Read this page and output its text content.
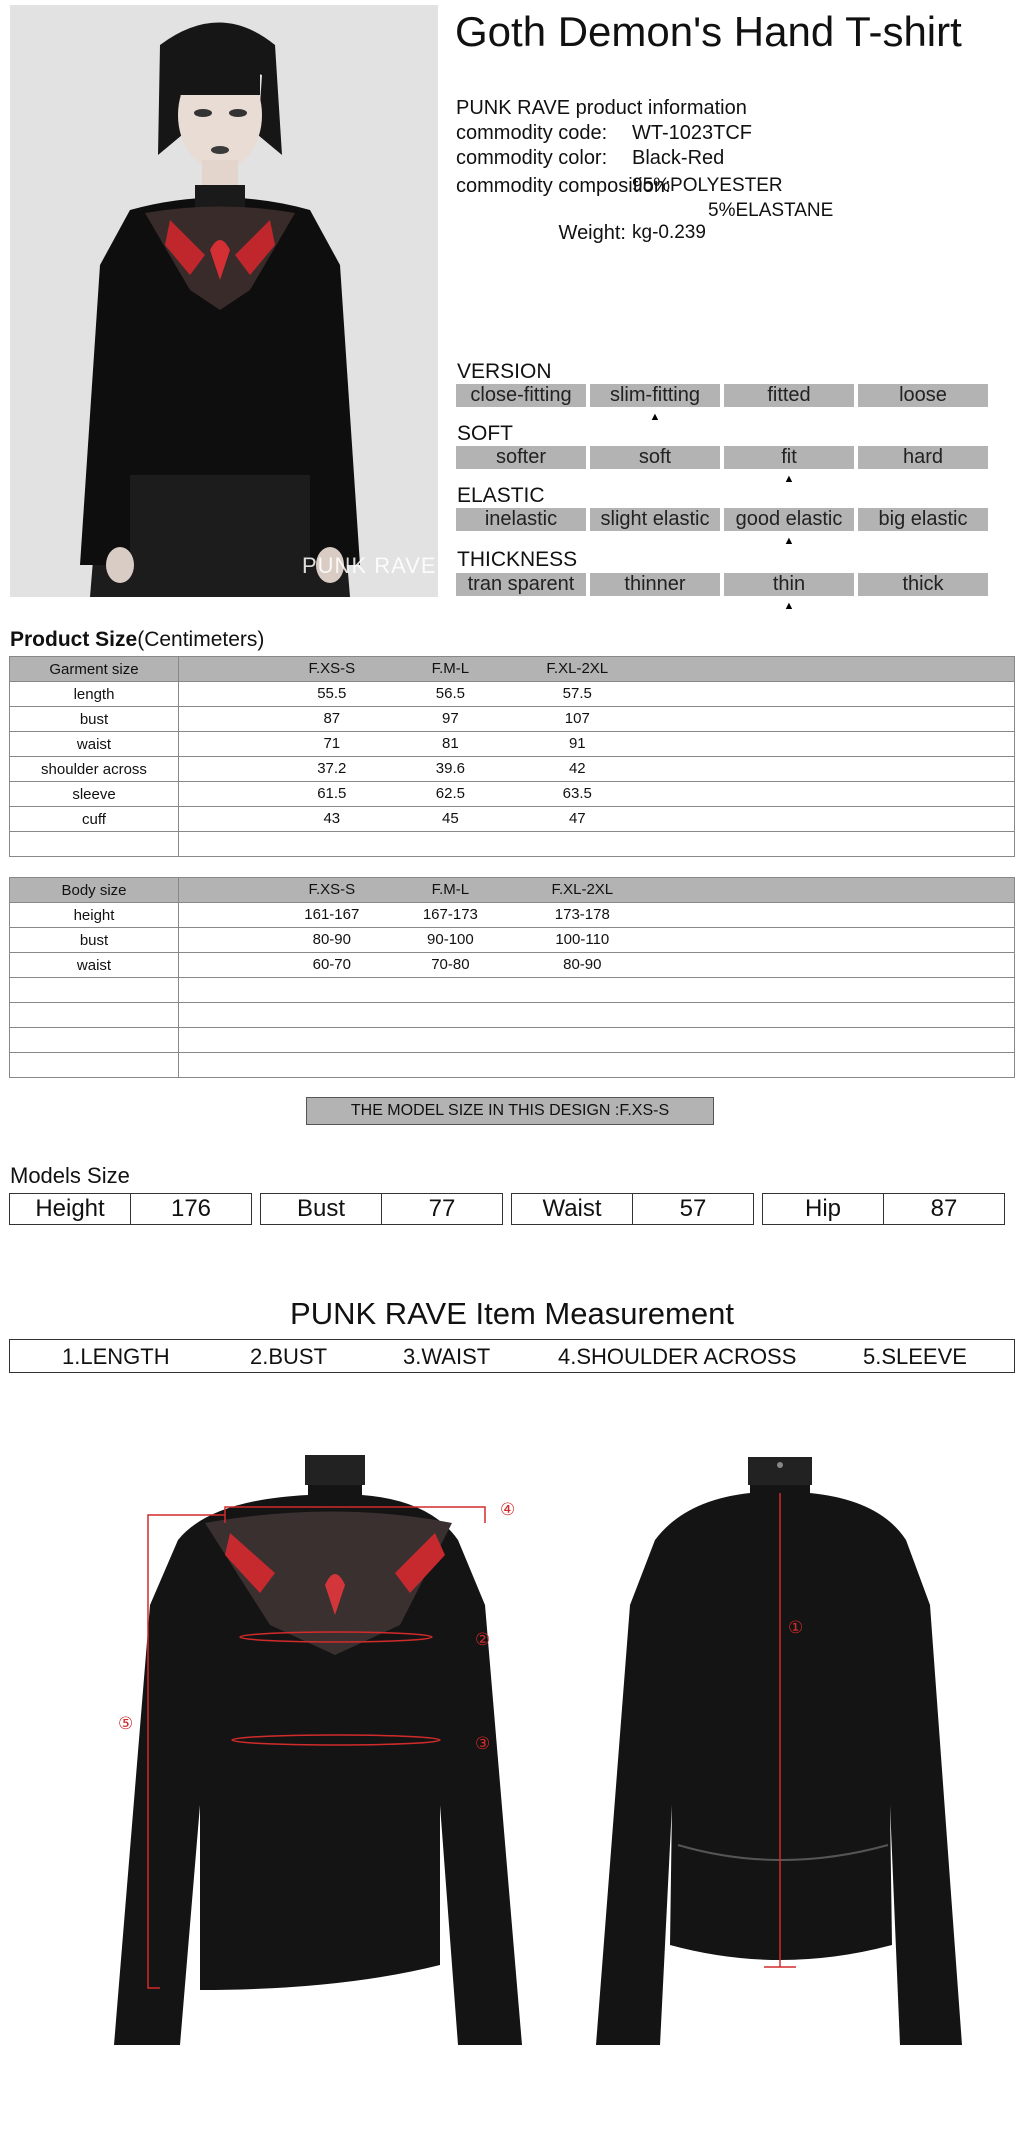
PUNK RAVE
Goth Demon's Hand T-shirt
PUNK RAVE product information
commodity code: WT-1023TCF
commodity color: Black-Red
commodity composition:
95%POLYESTER
5%ELASTANE
Weight: kg-0.239
VERSION
close-fitting	slim-fitting
▲
fitted	loose
SOFT
softer	soft	fit
▲
hard
ELASTIC
inelastic	slight elastic	good elastic
▲
big elastic
THICKNESS
tran sparent	thinner	thin
▲
thick
Product Size(Centimeters)
Garment size	F.XS-S F.M-L F.XL-2XL

length	55.5 56.5 57.5

bust	87 97 107

waist	71 81 91

shoulder across	37.2 39.6 42

sleeve	61.5 62.5 63.5

cuff	43 45 47

Body size	F.XS-S F.M-L F.XL-2XL

height	161-167 167-173 173-178

bust	80-90 90-100 100-110

waist	60-70 70-80 80-90

THE MODEL SIZE IN THIS DESIGN :F.XS-S
Models Size
Height	176	Bust	77	Waist	57	Hip	87
PUNK RAVE Item Measurement
1.LENGTH	2.BUST	3.WAIST	4.SHOULDER ACROSS	5.SLEEVE
④
②
③
⑤
①
